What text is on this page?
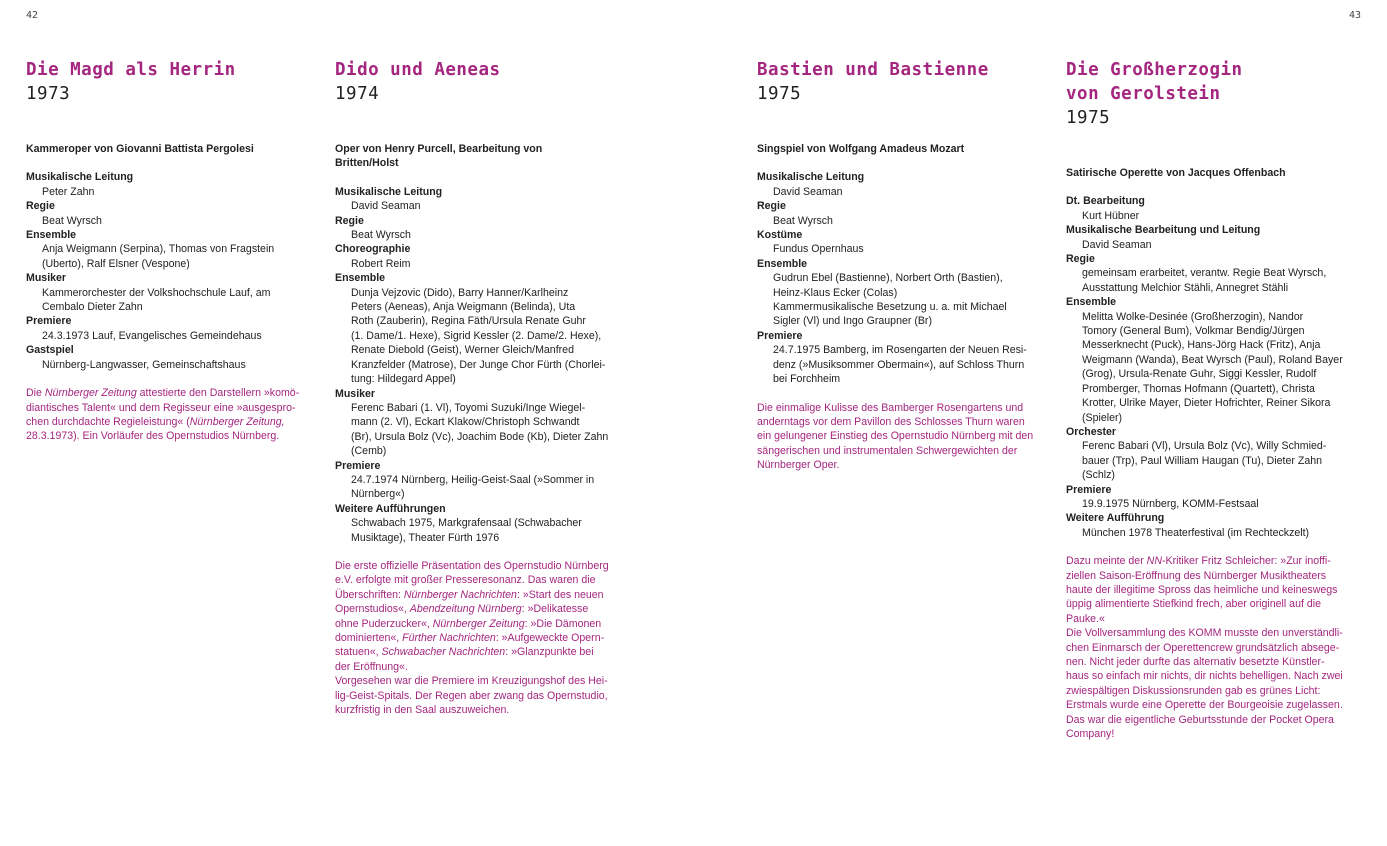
42	43
Die Magd als Herrin
1973
Kammeroper von Giovanni Battista Pergolesi
Musikalische Leitung
Peter Zahn
Regie
Beat Wyrsch
Ensemble
Anja Weigmann (Serpina), Thomas von Fragstein
(Uberto), Ralf Elsner (Vespone)
Musiker
Kammerorchester der Volkshochschule Lauf, am
Cembalo Dieter Zahn
Premiere
24.3.1973 Lauf, Evangelisches Gemeindehaus
Gastspiel
Nürnberg-Langwasser, Gemeinschaftshaus
Die Nürnberger Zeitung attestierte den Darstellern »komö-
diantisches Talent« und dem Regisseur eine »ausgespro-
chen durchdachte Regieleistung« (Nürnberger Zeitung,
28.3.1973). Ein Vorläufer des Opernstudios Nürnberg.
Dido und Aeneas
1974
Oper von Henry Purcell, Bearbeitung von
Britten/Holst
Musikalische Leitung
David Seaman
Regie
Beat Wyrsch
Choreographie
Robert Reim
Ensemble
Dunja Vejzovic (Dido), Barry Hanner/Karlheinz
Peters (Aeneas), Anja Weigmann (Belinda), Uta
Roth (Zauberin), Regina Fäth/Ursula Renate Guhr
(1. Dame/1. Hexe), Sigrid Kessler (2. Dame/2. Hexe),
Renate Diebold (Geist), Werner Gleich/Manfred
Kranzfelder (Matrose), Der Junge Chor Fürth (Chorlei-
tung: Hildegard Appel)
Musiker
Ferenc Babari (1. Vl), Toyomi Suzuki/Inge Wiegel-
mann (2. Vl), Eckart Klakow/Christoph Schwandt
(Br), Ursula Bolz (Vc), Joachim Bode (Kb), Dieter Zahn
(Cemb)
Premiere
24.7.1974 Nürnberg, Heilig-Geist-Saal (»Sommer in
Nürnberg«)
Weitere Aufführungen
Schwabach 1975, Markgrafensaal (Schwabacher
Musiktage), Theater Fürth 1976
Die erste offizielle Präsentation des Opernstudio Nürnberg
e.V. erfolgte mit großer Presseresonanz. Das waren die
Überschriften: Nürnberger Nachrichten: »Start des neuen
Opernstudios«, Abendzeitung Nürnberg: »Delikatesse
ohne Puderzucker«, Nürnberger Zeitung: »Die Dämonen
dominierten«, Fürther Nachrichten: »Aufgeweckte Opern-
statuen«, Schwabacher Nachrichten: »Glanzpunkte bei
der Eröffnung«.
Vorgesehen war die Premiere im Kreuzigungshof des Hei-
lig-Geist-Spitals. Der Regen aber zwang das Opernstudio,
kurzfristig in den Saal auszuweichen.
Bastien und Bastienne
1975
Singspiel von Wolfgang Amadeus Mozart
Musikalische Leitung
David Seaman
Regie
Beat Wyrsch
Kostüme
Fundus Opernhaus
Ensemble
Gudrun Ebel (Bastienne), Norbert Orth (Bastien),
Heinz-Klaus Ecker (Colas)
Kammermusikalische Besetzung u. a. mit Michael
Sigler (Vl) und Ingo Graupner (Br)
Premiere
24.7.1975 Bamberg, im Rosengarten der Neuen Resi-
denz (»Musiksommer Obermain«), auf Schloss Thurn
bei Forchheim
Die einmalige Kulisse des Bamberger Rosengartens und
anderntags vor dem Pavillon des Schlosses Thurn waren
ein gelungener Einstieg des Opernstudio Nürnberg mit den
sängerischen und instrumentalen Schwergewichten der
Nürnberger Oper.
Die Großherzogin
von Gerolstein
1975
Satirische Operette von Jacques Offenbach
Dt. Bearbeitung
Kurt Hübner
Musikalische Bearbeitung und Leitung
David Seaman
Regie
gemeinsam erarbeitet, verantw. Regie Beat Wyrsch,
Ausstattung Melchior Stähli, Annegret Stähli
Ensemble
Melitta Wolke-Desinée (Großherzogin), Nandor
Tomory (General Bum), Volkmar Bendig/Jürgen
Messerknecht (Puck), Hans-Jörg Hack (Fritz), Anja
Weigmann (Wanda), Beat Wyrsch (Paul), Roland Bayer
(Grog), Ursula-Renate Guhr, Siggi Kessler, Rudolf
Promberger, Thomas Hofmann (Quartett), Christa
Krotter, Ulrike Mayer, Dieter Hofrichter, Reiner Sikora
(Spieler)
Orchester
Ferenc Babari (Vl), Ursula Bolz (Vc), Willy Schmied-
bauer (Trp), Paul William Haugan (Tu), Dieter Zahn
(Schlz)
Premiere
19.9.1975 Nürnberg, KOMM-Festsaal
Weitere Aufführung
München 1978 Theaterfestival (im Rechteckzelt)
Dazu meinte der NN-Kritiker Fritz Schleicher: »Zur inoffi-
ziellen Saison-Eröffnung des Nürnberger Musiktheaters
haute der illegitime Spross das heimliche und keineswegs
üppig alimentierte Stiefkind frech, aber originell auf die
Pauke.«
Die Vollversammlung des KOMM musste den unverständli-
chen Einmarsch der Operettencrew grundsätzlich absege-
nen. Nicht jeder durfte das alternativ besetzte Künstler-
haus so einfach mir nichts, dir nichts behelligen. Nach zwei
zwiespältigen Diskussionsrunden gab es grünes Licht:
Erstmals wurde eine Operette der Bourgeoisie zugelassen.
Das war die eigentliche Geburtsstunde der Pocket Opera
Company!
